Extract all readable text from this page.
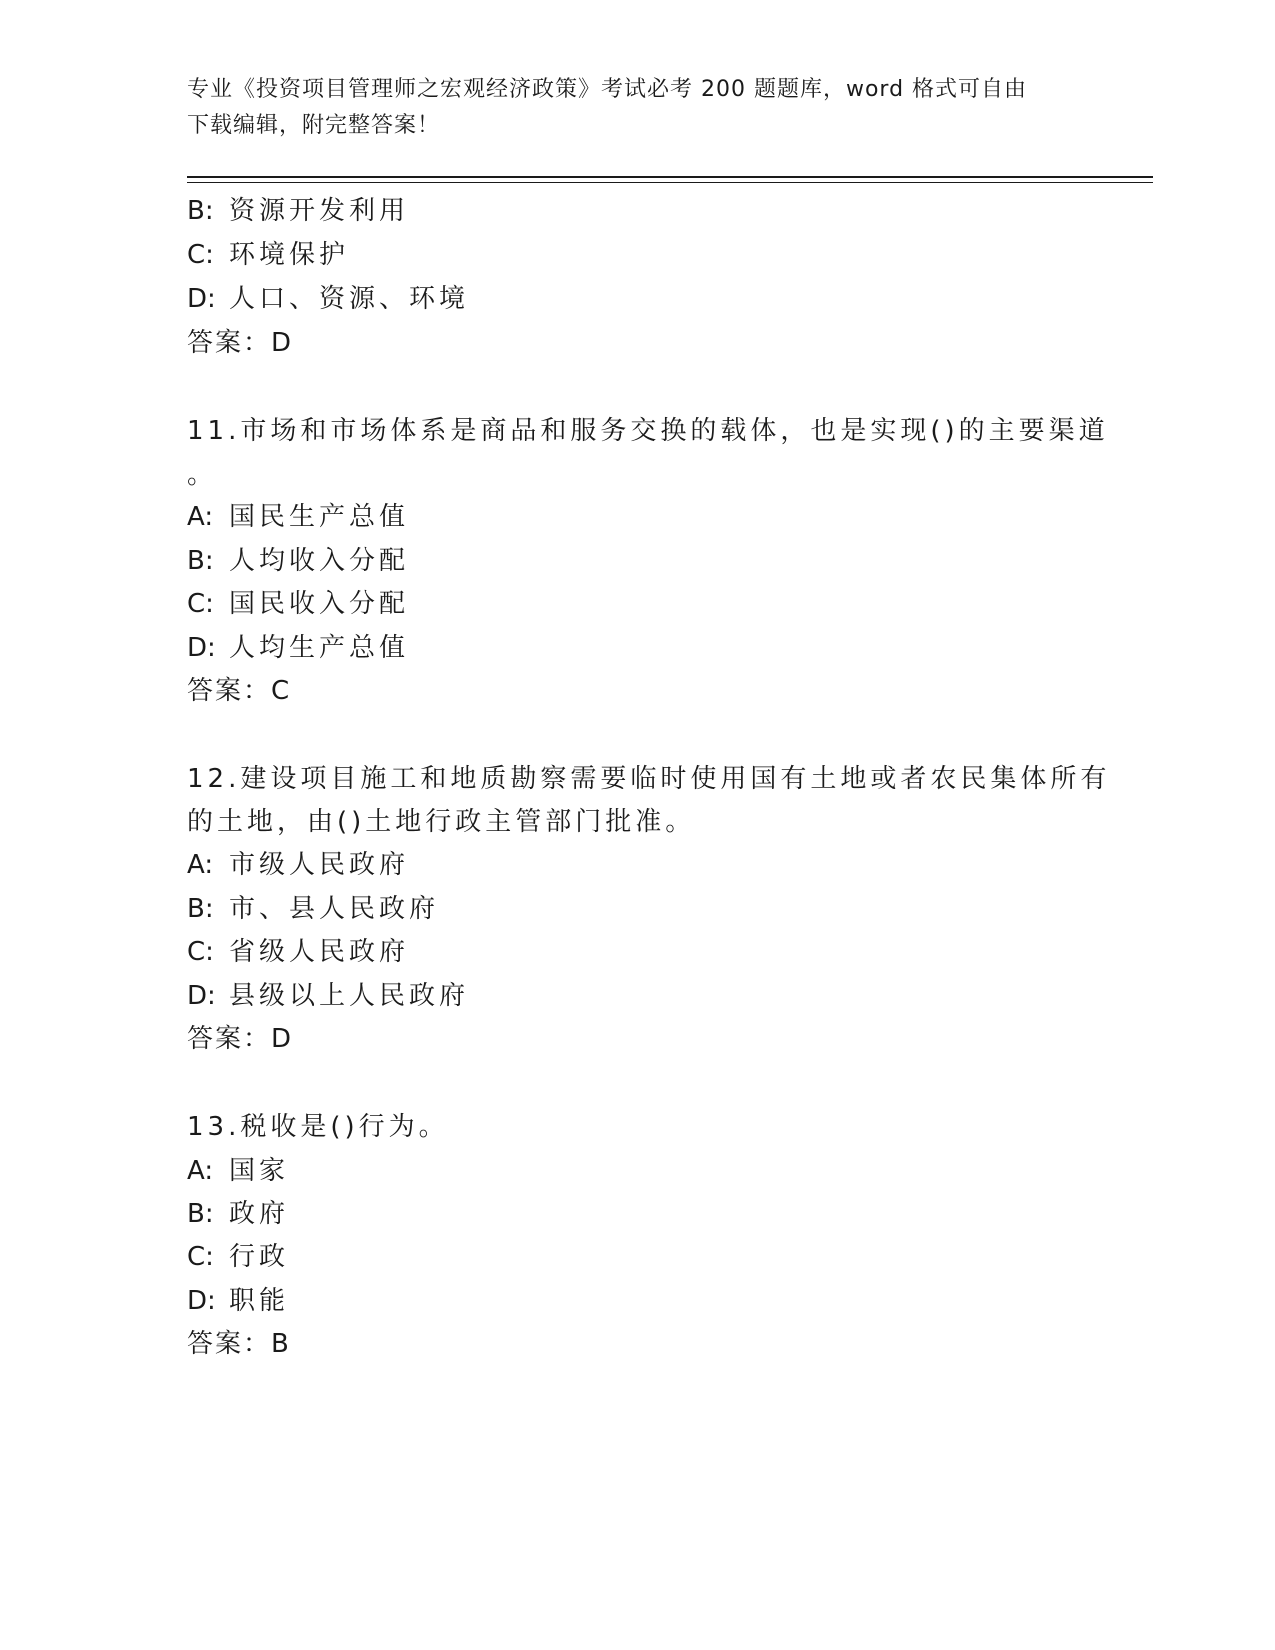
专业《投资项目管理师之宏观经济政策》考试必考 200 题题库，word 格式可自由
下载编辑，附完整答案！
B: 资源开发利用
C: 环境保护
D: 人口、资源、环境
答案：D
11.市场和市场体系是商品和服务交换的载体，也是实现()的主要渠道
。
A: 国民生产总值
B: 人均收入分配
C: 国民收入分配
D: 人均生产总值
答案：C
12.建设项目施工和地质勘察需要临时使用国有土地或者农民集体所有
的土地，由()土地行政主管部门批准。
A: 市级人民政府
B: 市、县人民政府
C: 省级人民政府
D: 县级以上人民政府
答案：D
13.税收是()行为。
A: 国家
B: 政府
C: 行政
D: 职能
答案：B
